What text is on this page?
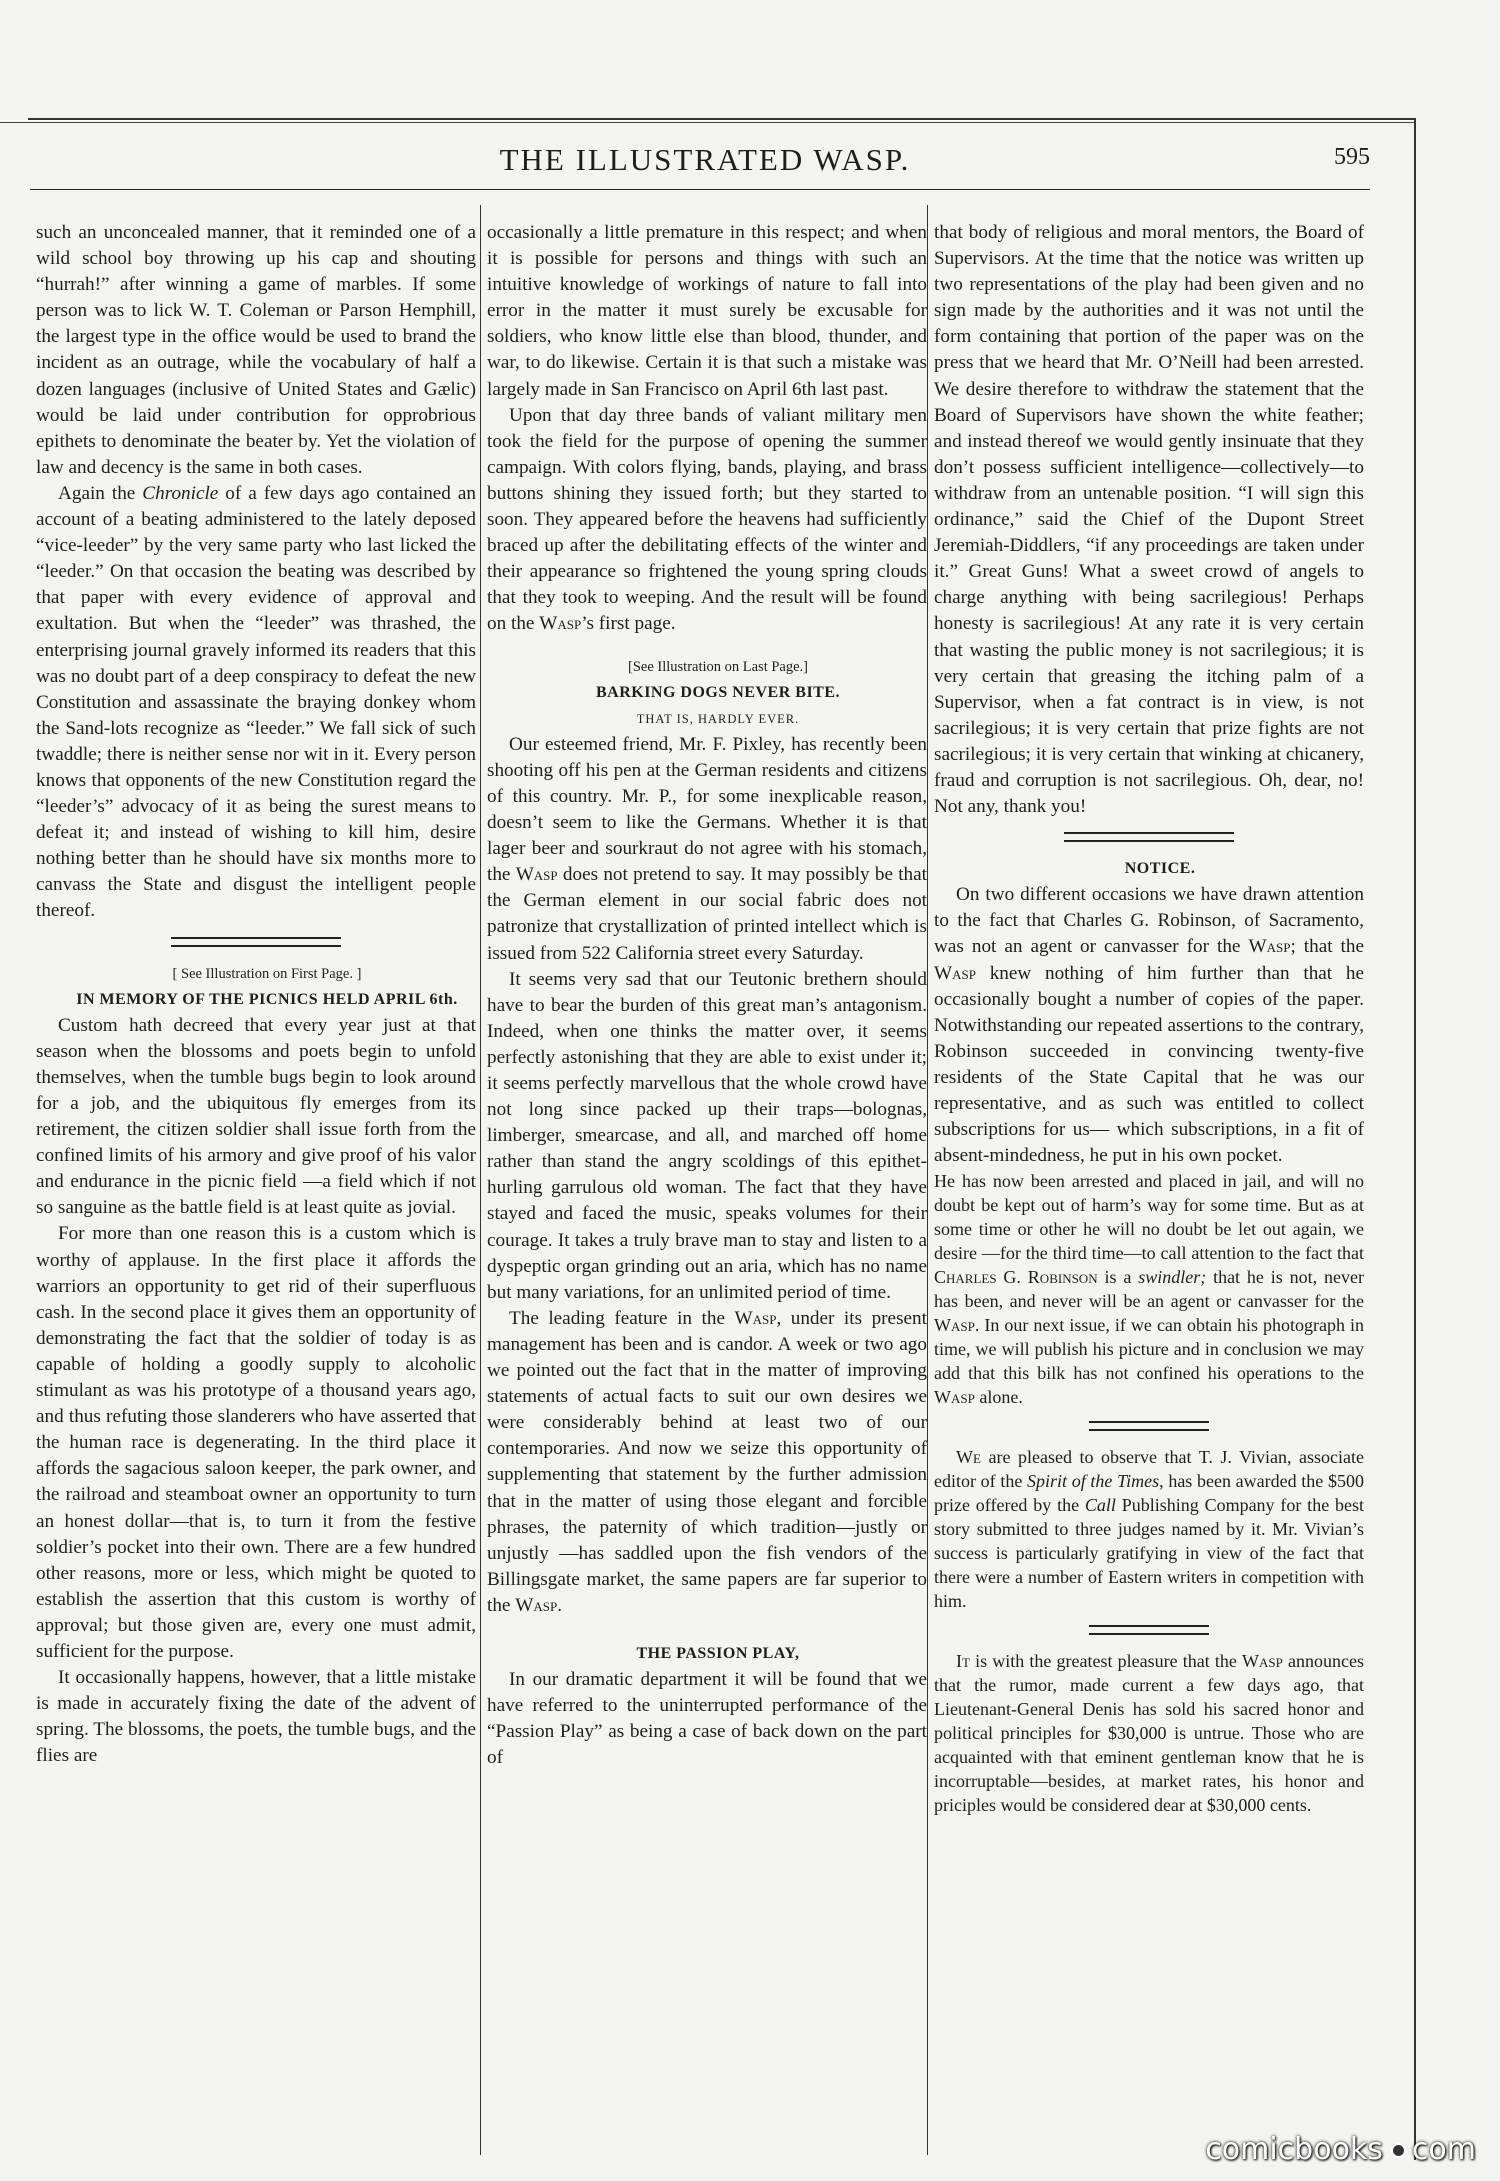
THE ILLUSTRATED WASP.	595

such an unconcealed manner, that it reminded one of a wild school boy throwing up his cap and shouting “hurrah!” after winning a game of marbles. If some person was to lick W. T. Coleman or Parson Hemphill, the largest type in the office would be used to brand the incident as an outrage, while the vocabulary of half a dozen languages (inclusive of United States and Gælic) would be laid under contribution for opprobrious epithets to denominate the beater by. Yet the violation of law and decency is the same in both cases.

Again the Chronicle of a few days ago contained an account of a beating administered to the lately deposed “vice-leeder” by the very same party who last licked the “leeder.” On that occasion the beating was described by that paper with every evidence of approval and exultation. But when the “leeder” was thrashed, the enterprising journal gravely informed its readers that this was no doubt part of a deep conspiracy to defeat the new Constitution and assassinate the braying donkey whom the Sand-lots recognize as “leeder.” We fall sick of such twaddle; there is neither sense nor wit in it. Every person knows that opponents of the new Constitution regard the “leeder’s” advocacy of it as being the surest means to defeat it; and instead of wishing to kill him, desire nothing better than he should have six months more to canvass the State and disgust the intelligent people thereof.

[ See Illustration on First Page. ]

IN MEMORY OF THE PICNICS HELD APRIL 6th.

Custom hath decreed that every year just at that season when the blossoms and poets begin to unfold themselves, when the tumble bugs begin to look around for a job, and the ubiquitous fly emerges from its retirement, the citizen soldier shall issue forth from the confined limits of his armory and give proof of his valor and endurance in the picnic field —a field which if not so sanguine as the battle field is at least quite as jovial.

For more than one reason this is a custom which is worthy of applause. In the first place it affords the warriors an opportunity to get rid of their superfluous cash. In the second place it gives them an opportunity of demonstrating the fact that the soldier of today is as capable of holding a goodly supply to alcoholic stimulant as was his prototype of a thousand years ago, and thus refuting those slanderers who have asserted that the human race is degenerating. In the third place it affords the sagacious saloon keeper, the park owner, and the railroad and steamboat owner an opportunity to turn an honest dollar—that is, to turn it from the festive soldier’s pocket into their own. There are a few hundred other reasons, more or less, which might be quoted to establish the assertion that this custom is worthy of approval; but those given are, every one must admit, sufficient for the purpose.

It occasionally happens, however, that a little mistake is made in accurately fixing the date of the advent of spring. The blossoms, the poets, the tumble bugs, and the flies are

occasionally a little premature in this respect; and when it is possible for persons and things with such an intuitive knowledge of workings of nature to fall into error in the matter it must surely be excusable for soldiers, who know little else than blood, thunder, and war, to do likewise. Certain it is that such a mistake was largely made in San Francisco on April 6th last past.

Upon that day three bands of valiant military men took the field for the purpose of opening the summer campaign. With colors flying, bands, playing, and brass buttons shining they issued forth; but they started to soon. They appeared before the heavens had sufficiently braced up after the debilitating effects of the winter and their appearance so frightened the young spring clouds that they took to weeping. And the result will be found on the Wasp’s first page.

[See Illustration on Last Page.]

BARKING DOGS NEVER BITE.

THAT IS, HARDLY EVER.

Our esteemed friend, Mr. F. Pixley, has recently been shooting off his pen at the German residents and citizens of this country. Mr. P., for some inexplicable reason, doesn’t seem to like the Germans. Whether it is that lager beer and sourkraut do not agree with his stomach, the Wasp does not pretend to say. It may possibly be that the German element in our social fabric does not patronize that crystallization of printed intellect which is issued from 522 California street every Saturday.

It seems very sad that our Teutonic brethern should have to bear the burden of this great man’s antagonism. Indeed, when one thinks the matter over, it seems perfectly astonishing that they are able to exist under it; it seems perfectly marvellous that the whole crowd have not long since packed up their traps—bolognas, limberger, smearcase, and all, and marched off home rather than stand the angry scoldings of this epithet-hurling garrulous old woman. The fact that they have stayed and faced the music, speaks volumes for their courage. It takes a truly brave man to stay and listen to a dyspeptic organ grinding out an aria, which has no name but many variations, for an unlimited period of time.

The leading feature in the Wasp, under its present management has been and is candor. A week or two ago we pointed out the fact that in the matter of improving statements of actual facts to suit our own desires we were considerably behind at least two of our contemporaries. And now we seize this opportunity of supplementing that statement by the further admission that in the matter of using those elegant and forcible phrases, the paternity of which tradition—justly or unjustly —has saddled upon the fish vendors of the Billingsgate market, the same papers are far superior to the Wasp.

THE PASSION PLAY,

In our dramatic department it will be found that we have referred to the uninterrupted performance of the “Passion Play” as being a case of back down on the part of

that body of religious and moral mentors, the Board of Supervisors. At the time that the notice was written up two representations of the play had been given and no sign made by the authorities and it was not until the form containing that portion of the paper was on the press that we heard that Mr. O’Neill had been arrested. We desire therefore to withdraw the statement that the Board of Supervisors have shown the white feather; and instead thereof we would gently insinuate that they don’t possess sufficient intelligence—collectively—to withdraw from an untenable position. “I will sign this ordinance,” said the Chief of the Dupont Street Jeremiah-Diddlers, “if any proceedings are taken under it.” Great Guns! What a sweet crowd of angels to charge anything with being sacrilegious! Perhaps honesty is sacrilegious! At any rate it is very certain that wasting the public money is not sacrilegious; it is very certain that greasing the itching palm of a Supervisor, when a fat contract is in view, is not sacrilegious; it is very certain that prize fights are not sacrilegious; it is very certain that winking at chicanery, fraud and corruption is not sacrilegious. Oh, dear, no! Not any, thank you!

NOTICE.

On two different occasions we have drawn attention to the fact that Charles G. Robinson, of Sacramento, was not an agent or canvasser for the Wasp; that the Wasp knew nothing of him further than that he occasionally bought a number of copies of the paper. Notwithstanding our repeated assertions to the contrary, Robinson succeeded in convincing twenty-five residents of the State Capital that he was our representative, and as such was entitled to collect subscriptions for us— which subscriptions, in a fit of absent-mindedness, he put in his own pocket.

He has now been arrested and placed in jail, and will no doubt be kept out of harm’s way for some time. But as at some time or other he will no doubt be let out again, we desire —for the third time—to call attention to the fact that Charles G. Robinson is a swindler; that he is not, never has been, and never will be an agent or canvasser for the Wasp. In our next issue, if we can obtain his photograph in time, we will publish his picture and in conclusion we may add that this bilk has not confined his operations to the Wasp alone.

We are pleased to observe that T. J. Vivian, associate editor of the Spirit of the Times, has been awarded the $500 prize offered by the Call Publishing Company for the best story submitted to three judges named by it. Mr. Vivian’s success is particularly gratifying in view of the fact that there were a number of Eastern writers in competition with him.

It is with the greatest pleasure that the Wasp announces that the rumor, made current a few days ago, that Lieutenant-General Denis has sold his sacred honor and political principles for $30,000 is untrue. Those who are acquainted with that eminent gentleman know that he is incorruptable—besides, at market rates, his honor and priciples would be considered dear at $30,000 cents.

comicbooks com
